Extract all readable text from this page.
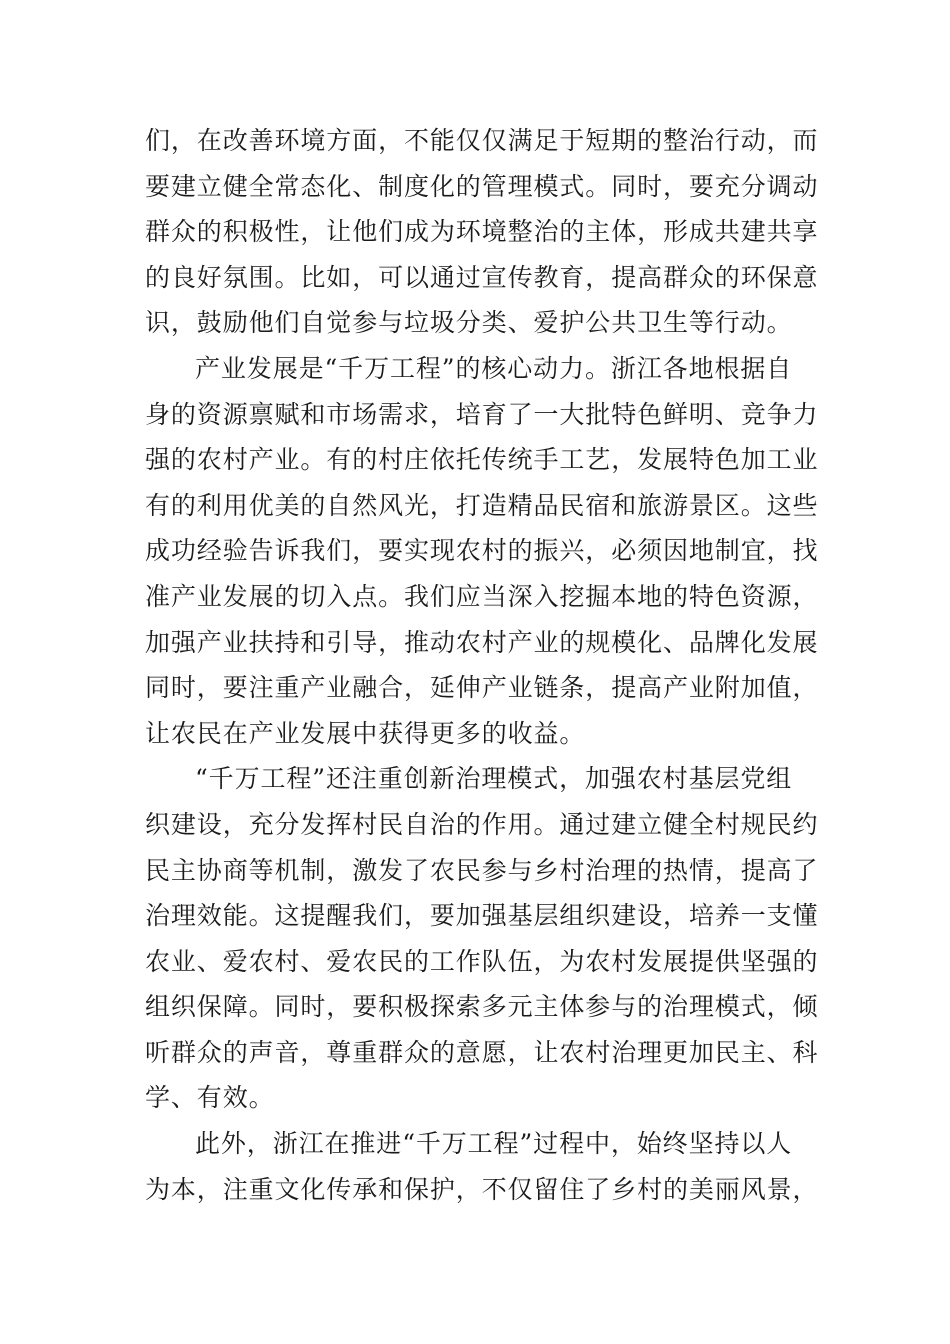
们，在改善环境方面，不能仅仅满足于短期的整治行动，而
要建立健全常态化、制度化的管理模式。同时，要充分调动
群众的积极性，让他们成为环境整治的主体，形成共建共享
的良好氛围。比如，可以通过宣传教育，提高群众的环保意
识，鼓励他们自觉参与垃圾分类、爱护公共卫生等行动。
产业发展是“千万工程”的核心动力。浙江各地根据自
身的资源禀赋和市场需求，培育了一大批特色鲜明、竞争力
强的农村产业。有的村庄依托传统手工艺，发展特色加工业
有的利用优美的自然风光，打造精品民宿和旅游景区。这些
成功经验告诉我们，要实现农村的振兴，必须因地制宜，找
准产业发展的切入点。我们应当深入挖掘本地的特色资源，
加强产业扶持和引导，推动农村产业的规模化、品牌化发展
同时，要注重产业融合，延伸产业链条，提高产业附加值，
让农民在产业发展中获得更多的收益。
“千万工程”还注重创新治理模式，加强农村基层党组
织建设，充分发挥村民自治的作用。通过建立健全村规民约
民主协商等机制，激发了农民参与乡村治理的热情，提高了
治理效能。这提醒我们，要加强基层组织建设，培养一支懂
农业、爱农村、爱农民的工作队伍，为农村发展提供坚强的
组织保障。同时，要积极探索多元主体参与的治理模式，倾
听群众的声音，尊重群众的意愿，让农村治理更加民主、科
学、有效。
此外，浙江在推进“千万工程”过程中，始终坚持以人
为本，注重文化传承和保护，不仅留住了乡村的美丽风景，
